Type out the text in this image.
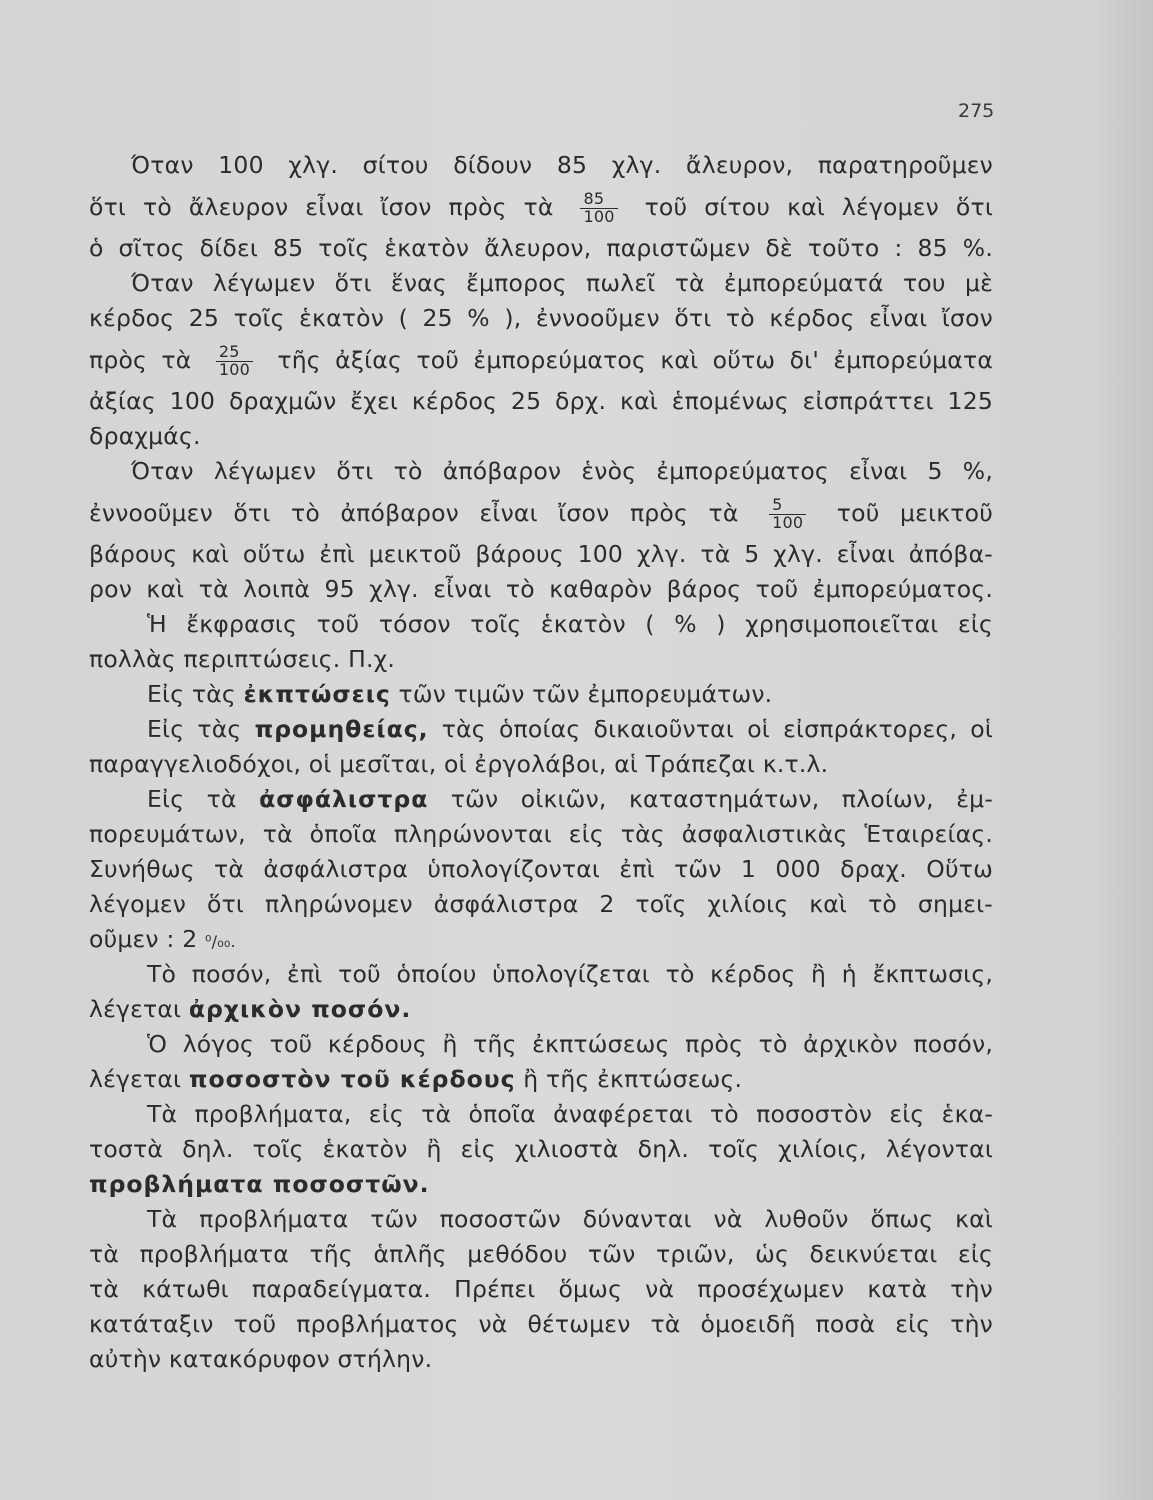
275
Όταν 100 χλγ. σίτου δίδουν 85 χλγ. ἄλευρον, παρατηροῦμεν
ὅτι τὸ ἄλευρον εἶναι ἴσον πρὸς τὰ $\frac{85}{100}$ τοῦ σίτου καὶ λέγομεν ὅτι
ὁ σῖτος δίδει 85 τοῖς ἑκατὸν ἄλευρον, παριστῶμεν δὲ τοῦτο : 85 %.
Όταν λέγωμεν ὅτι ἕνας ἔμπορος πωλεῖ τὰ ἐμπορεύματά του μὲ
κέρδος 25 τοῖς ἑκατὸν ( 25 % ), ἐννοοῦμεν ὅτι τὸ κέρδος εἶναι ἴσον
πρὸς τὰ $\frac{25}{100}$ τῆς ἀξίας τοῦ ἐμπορεύματος καὶ οὕτω δι' ἐμπορεύματα
ἀξίας 100 δραχμῶν ἔχει κέρδος 25 δρχ. καὶ ἑπομένως εἰσπράττει 125
δραχμάς.
Όταν λέγωμεν ὅτι τὸ ἀπόβαρον ἑνὸς ἐμπορεύματος εἶναι 5 %,
ἐννοοῦμεν ὅτι τὸ ἀπόβαρον εἶναι ἴσον πρὸς τὰ $\frac{5}{100}$ τοῦ μεικτοῦ
βάρους καὶ οὕτω ἐπὶ μεικτοῦ βάρους 100 χλγ. τὰ 5 χλγ. εἶναι ἀπόβα-
ρον καὶ τὰ λοιπὰ 95 χλγ. εἶναι τὸ καθαρὸν βάρος τοῦ ἐμπορεύματος.
Ἡ ἔκφρασις τοῦ τόσον τοῖς ἑκατὸν ( % ) χρησιμοποιεῖται εἰς
πολλὰς περιπτώσεις. Π.χ.
Εἰς τὰς ἐκπτώσεις τῶν τιμῶν τῶν ἐμπορευμάτων.
Εἰς τὰς προμηθείας, τὰς ὁποίας δικαιοῦνται οἱ εἰσπράκτορες, οἱ
παραγγελιοδόχοι, οἱ μεσῖται, οἱ ἐργολάβοι, αἱ Τράπεζαι κ.τ.λ.
Εἰς τὰ ἀσφάλιστρα τῶν οἰκιῶν, καταστημάτων, πλοίων, ἐμ-
πορευμάτων, τὰ ὁποῖα πληρώνονται εἰς τὰς ἀσφαλιστικὰς Ἑταιρείας.
Συνήθως τὰ ἀσφάλιστρα ὑπολογίζονται ἐπὶ τῶν 1 000 δραχ. Οὕτω
λέγομεν ὅτι πληρώνομεν ἀσφάλιστρα 2 τοῖς χιλίοις καὶ τὸ σημει-
οῦμεν : 2 ⁰/₀₀.
Τὸ ποσόν, ἐπὶ τοῦ ὁποίου ὑπολογίζεται τὸ κέρδος ἢ ἡ ἔκπτωσις,
λέγεται ἀρχικὸν ποσόν.
Ὁ λόγος τοῦ κέρδους ἢ τῆς ἐκπτώσεως πρὸς τὸ ἀρχικὸν ποσόν,
λέγεται ποσοστὸν τοῦ κέρδους ἢ τῆς ἐκπτώσεως.
Τὰ προβλήματα, εἰς τὰ ὁποῖα ἀναφέρεται τὸ ποσοστὸν εἰς ἑκα-
τοστὰ δηλ. τοῖς ἑκατὸν ἢ εἰς χιλιοστὰ δηλ. τοῖς χιλίοις, λέγονται
προβλήματα ποσοστῶν.
Τὰ προβλήματα τῶν ποσοστῶν δύνανται νὰ λυθοῦν ὅπως καὶ
τὰ προβλήματα τῆς ἁπλῆς μεθόδου τῶν τριῶν, ὡς δεικνύεται εἰς
τὰ κάτωθι παραδείγματα. Πρέπει ὅμως νὰ προσέχωμεν κατὰ τὴν
κατάταξιν τοῦ προβλήματος νὰ θέτωμεν τὰ ὁμοειδῆ ποσὰ εἰς τὴν
αὐτὴν κατακόρυφον στήλην.
